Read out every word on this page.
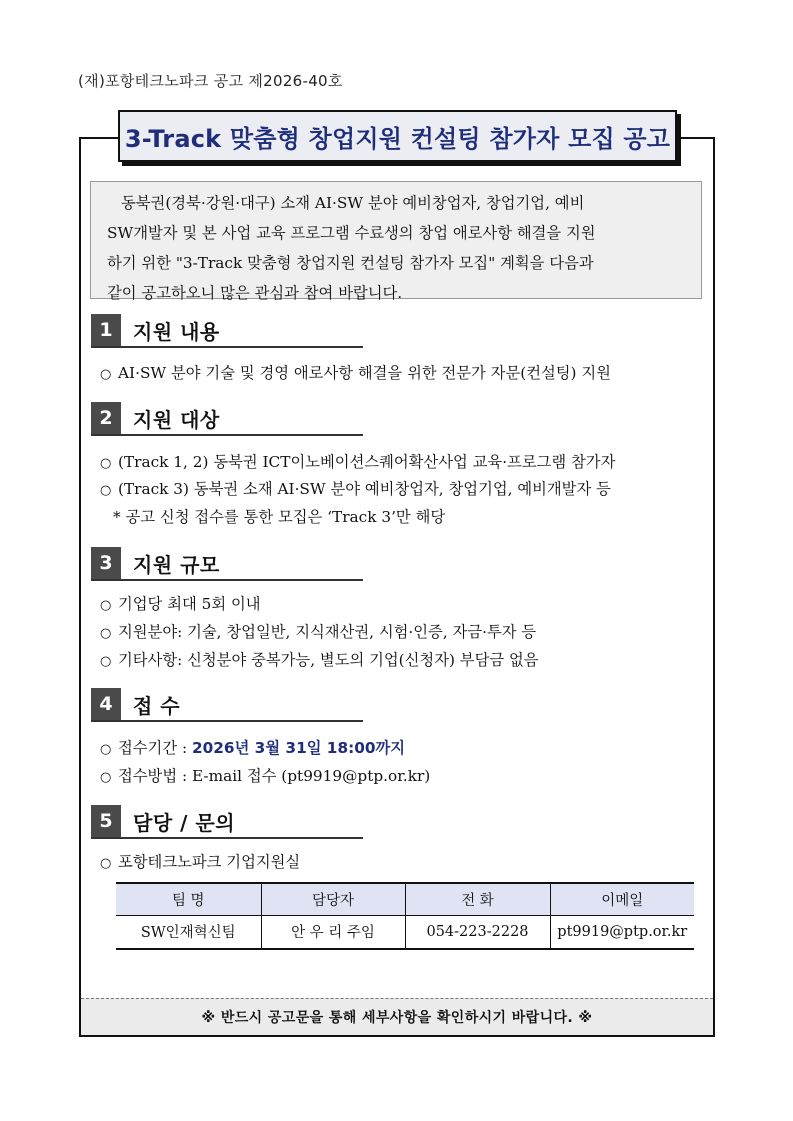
(재)포항테크노파크 공고 제2026-40호
3-Track 맞춤형 창업지원 컨설팅 참가자 모집 공고
동북권(경북·강원·대구) 소재 AI·SW 분야 예비창업자, 창업기업, 예비
SW개발자 및 본 사업 교육 프로그램 수료생의 창업 애로사항 해결을 지원
하기 위한 "3-Track 맞춤형 창업지원 컨설팅 참가자 모집" 계획을 다음과
같이 공고하오니 많은 관심과 참여 바랍니다.
1	지원 내용
○ AI·SW 분야 기술 및 경영 애로사항 해결을 위한 전문가 자문(컨설팅) 지원
2	지원 대상
○ (Track 1, 2) 동북권 ICT이노베이션스퀘어확산사업 교육·프로그램 참가자
○ (Track 3) 동북권 소재 AI·SW 분야 예비창업자, 창업기업, 예비개발자 등
* 공고 신청 접수를 통한 모집은 ‘Track 3’만 해당
3	지원 규모
○ 기업당 최대 5회 이내
○ 지원분야: 기술, 창업일반, 지식재산권, 시험·인증, 자금·투자 등
○ 기타사항: 신청분야 중복가능, 별도의 기업(신청자) 부담금 없음
4	접 수
○ 접수기간 : 2026년 3월 31일 18:00까지
○ 접수방법 : E-mail 접수 (pt9919@ptp.or.kr)
5	담당 / 문의
○ 포항테크노파크 기업지원실
팀 명	담당자	전 화	이메일
SW인재혁신팀	안 우 리 주임	054-223-2228	pt9919@ptp.or.kr
※ 반드시 공고문을 통해 세부사항을 확인하시기 바랍니다. ※
